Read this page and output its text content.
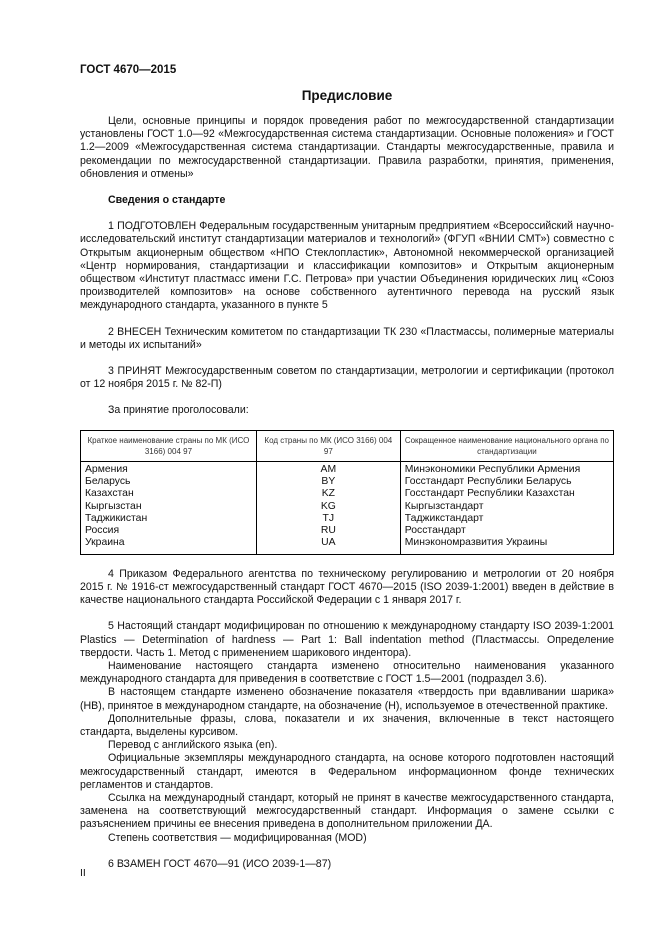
ГОСТ 4670—2015
Предисловие

Цели, основные принципы и порядок проведения работ по межгосударственной стандартизации установлены ГОСТ 1.0—92 «Межгосударственная система стандартизации. Основные положения» и ГОСТ 1.2—2009 «Межгосударственная система стандартизации. Стандарты межгосударственные, правила и рекомендации по межгосударственной стандартизации. Правила разработки, принятия, применения, обновления и отмены»

Сведения о стандарте

1 ПОДГОТОВЛЕН Федеральным государственным унитарным предприятием «Всероссийский научно-исследовательский институт стандартизации материалов и технологий» (ФГУП «ВНИИ СМТ») совместно с Открытым акционерным обществом «НПО Стеклопластик», Автономной некоммерческой организацией «Центр нормирования, стандартизации и классификации композитов» и Открытым акционерным обществом «Институт пластмасс имени Г.С. Петрова» при участии Объединения юридических лиц «Союз производителей композитов» на основе собственного аутентичного перевода на русский язык международного стандарта, указанного в пункте 5

2 ВНЕСЕН Техническим комитетом по стандартизации ТК 230 «Пластмассы, полимерные материалы и методы их испытаний»

3 ПРИНЯТ Межгосударственным советом по стандартизации, метрологии и сертификации (протокол от 12 ноября 2015 г. № 82-П)

За принятие проголосовали:

Краткое наименование страны по МК (ИСО 3166) 004 97	Код страны по МК (ИСО 3166) 004 97	Сокращенное наименование национального органа по стандартизации
Армения	AM	Минэкономики Республики Армения
Беларусь	BY	Госстандарт Республики Беларусь
Казахстан	KZ	Госстандарт Республики Казахстан
Кыргызстан	KG	Кыргызстандарт
Таджикистан	TJ	Таджикстандарт
Россия	RU	Росстандарт
Украина	UA	Минэкономразвития Украины

4 Приказом Федерального агентства по техническому регулированию и метрологии от 20 ноября 2015 г. № 1916-ст межгосударственный стандарт ГОСТ 4670—2015 (ISO 2039-1:2001) введен в действие в качестве национального стандарта Российской Федерации с 1 января 2017 г.

5 Настоящий стандарт модифицирован по отношению к международному стандарту ISO 2039-1:2001 Plastics — Determination of hardness — Part 1: Ball indentation method (Пластмассы. Определение твердости. Часть 1. Метод с применением шарикового индентора).

Наименование настоящего стандарта изменено относительно наименования указанного международного стандарта для приведения в соответствие с ГОСТ 1.5—2001 (подраздел 3.6).

В настоящем стандарте изменено обозначение показателя «твердость при вдавливании шарика» (HB), принятое в международном стандарте, на обозначение (H), используемое в отечественной практике.

Дополнительные фразы, слова, показатели и их значения, включенные в текст настоящего стандарта, выделены курсивом.

Перевод с английского языка (en).

Официальные экземпляры международного стандарта, на основе которого подготовлен настоящий межгосударственный стандарт, имеются в Федеральном информационном фонде технических регламентов и стандартов.

Ссылка на международный стандарт, который не принят в качестве межгосударственного стандарта, заменена на соответствующий межгосударственный стандарт. Информация о замене ссылки с разъяснением причины ее внесения приведена в дополнительном приложении ДА.

Степень соответствия — модифицированная (MOD)

6 ВЗАМЕН ГОСТ 4670—91 (ИСО 2039-1—87)

II
